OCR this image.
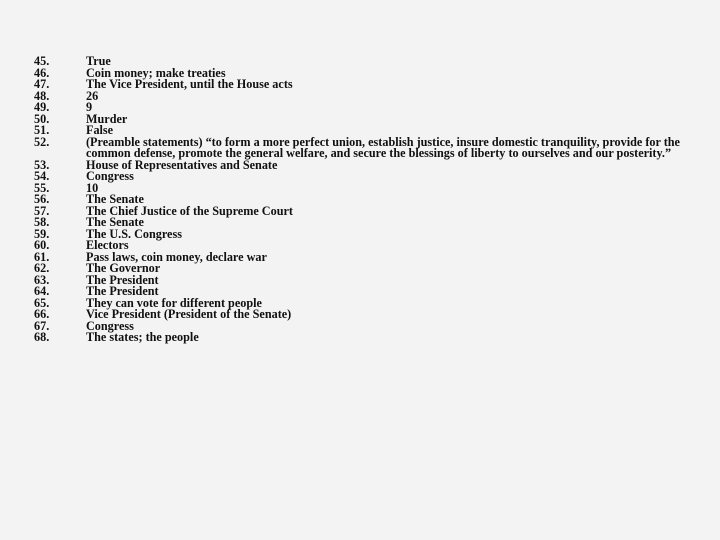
45.	True
46.	Coin money; make treaties
47.	The Vice President, until the House acts
48.	26
49.	9
50.	Murder
51.	False
52.	(Preamble statements) “to form a more perfect union, establish justice, insure domestic tranquility, provide for the common defense, promote the general welfare, and secure the blessings of liberty to ourselves and our posterity.”
53.	House of Representatives and Senate
54.	Congress
55.	10
56.	The Senate
57.	The Chief Justice of the Supreme Court
58.	The Senate
59.	The U.S. Congress
60.	Electors
61.	Pass laws, coin money, declare war
62.	The Governor
63.	The President
64.	The President
65.	They can vote for different people
66.	Vice President (President of the Senate)
67.	Congress
68.	The states; the people
